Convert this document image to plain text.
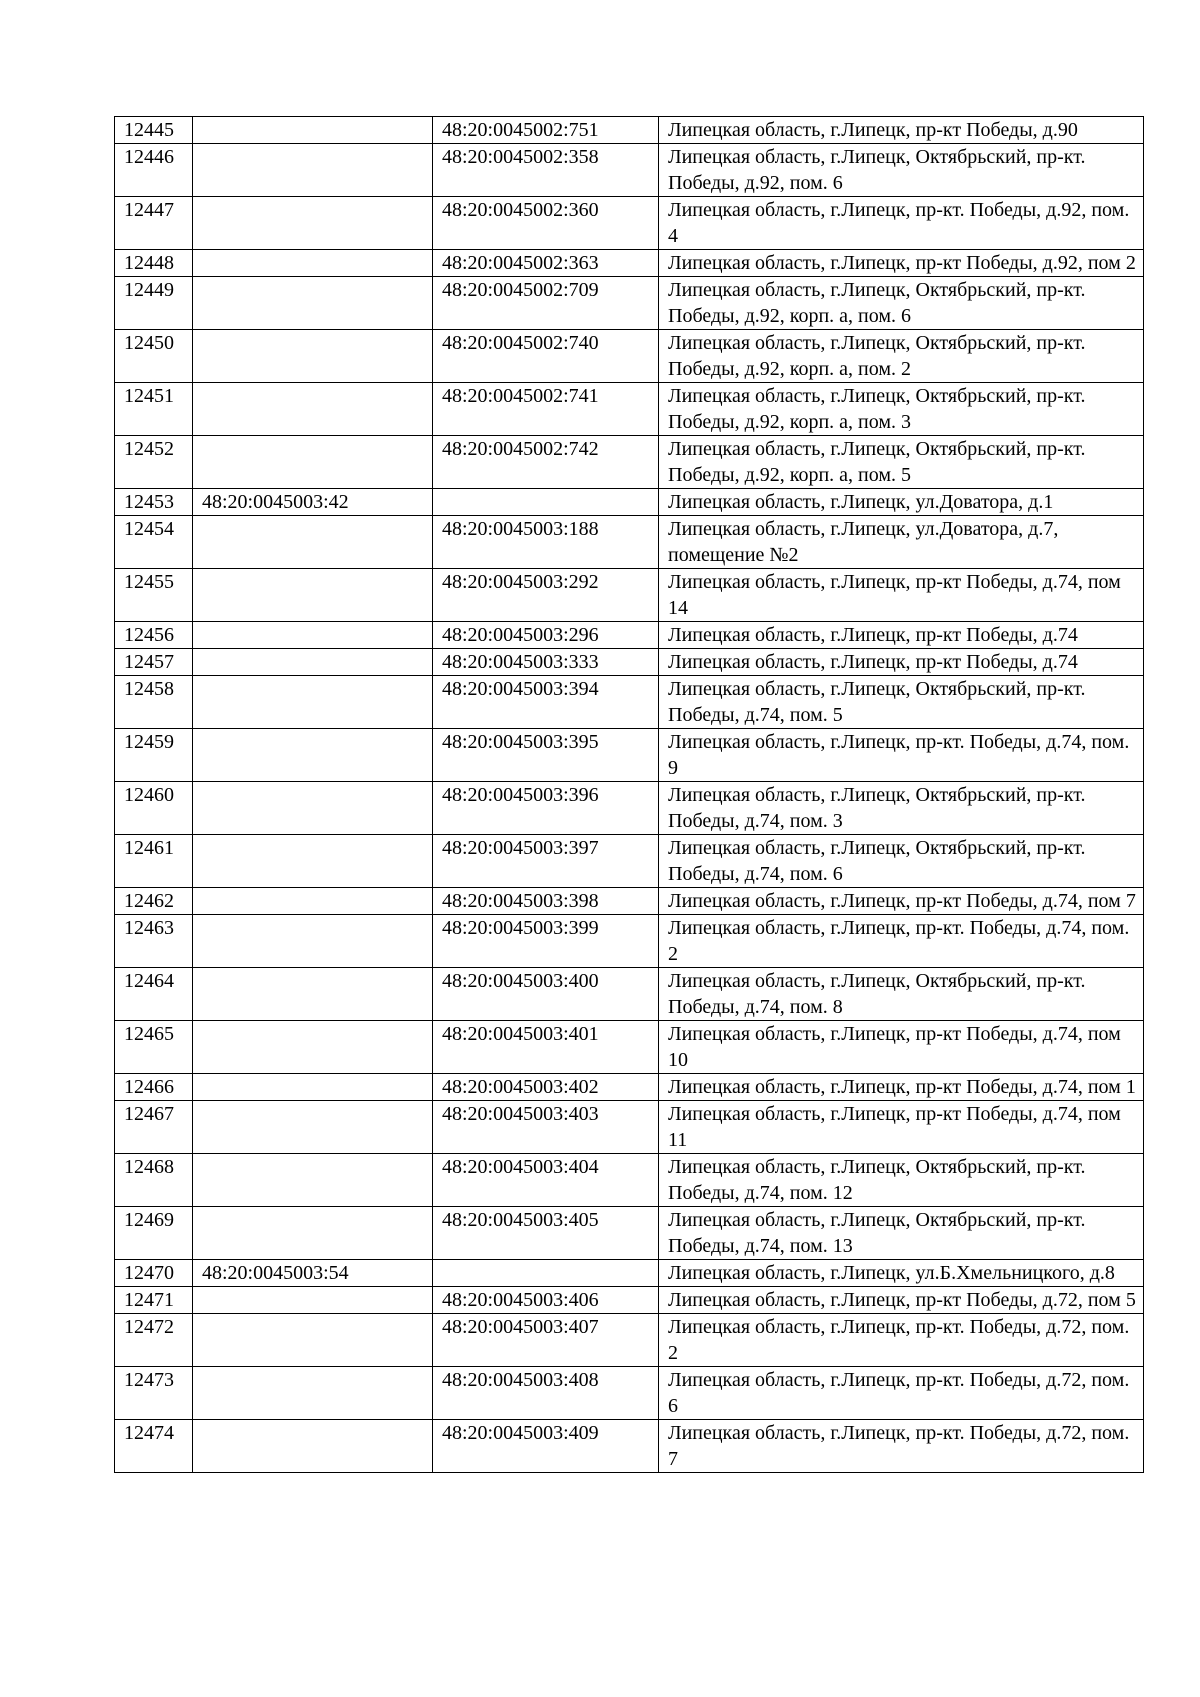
12445		48:20:0045002:751	Липецкая область, г.Липецк, пр-кт Победы, д.90
12446		48:20:0045002:358	Липецкая область, г.Липецк, Октябрьский, пр-кт. Победы, д.92, пом. 6
12447		48:20:0045002:360	Липецкая область, г.Липецк, пр-кт. Победы, д.92, пом. 4
12448		48:20:0045002:363	Липецкая область, г.Липецк, пр-кт Победы, д.92, пом 2
12449		48:20:0045002:709	Липецкая область, г.Липецк, Октябрьский, пр-кт. Победы, д.92, корп. а, пом. 6
12450		48:20:0045002:740	Липецкая область, г.Липецк, Октябрьский, пр-кт. Победы, д.92, корп. а, пом. 2
12451		48:20:0045002:741	Липецкая область, г.Липецк, Октябрьский, пр-кт. Победы, д.92, корп. а, пом. 3
12452		48:20:0045002:742	Липецкая область, г.Липецк, Октябрьский, пр-кт. Победы, д.92, корп. а, пом. 5
12453	48:20:0045003:42		Липецкая область, г.Липецк, ул.Доватора, д.1
12454		48:20:0045003:188	Липецкая область, г.Липецк, ул.Доватора, д.7, помещение №2
12455		48:20:0045003:292	Липецкая область, г.Липецк, пр-кт Победы, д.74, пом 14
12456		48:20:0045003:296	Липецкая область, г.Липецк, пр-кт Победы, д.74
12457		48:20:0045003:333	Липецкая область, г.Липецк, пр-кт Победы, д.74
12458		48:20:0045003:394	Липецкая область, г.Липецк, Октябрьский, пр-кт. Победы, д.74, пом. 5
12459		48:20:0045003:395	Липецкая область, г.Липецк, пр-кт. Победы, д.74, пом. 9
12460		48:20:0045003:396	Липецкая область, г.Липецк, Октябрьский, пр-кт. Победы, д.74, пом. 3
12461		48:20:0045003:397	Липецкая область, г.Липецк, Октябрьский, пр-кт. Победы, д.74, пом. 6
12462		48:20:0045003:398	Липецкая область, г.Липецк, пр-кт Победы, д.74, пом 7
12463		48:20:0045003:399	Липецкая область, г.Липецк, пр-кт. Победы, д.74, пом. 2
12464		48:20:0045003:400	Липецкая область, г.Липецк, Октябрьский, пр-кт. Победы, д.74, пом. 8
12465		48:20:0045003:401	Липецкая область, г.Липецк, пр-кт Победы, д.74, пом 10
12466		48:20:0045003:402	Липецкая область, г.Липецк, пр-кт Победы, д.74, пом 1
12467		48:20:0045003:403	Липецкая область, г.Липецк, пр-кт Победы, д.74, пом 11
12468		48:20:0045003:404	Липецкая область, г.Липецк, Октябрьский, пр-кт. Победы, д.74, пом. 12
12469		48:20:0045003:405	Липецкая область, г.Липецк, Октябрьский, пр-кт. Победы, д.74, пом. 13
12470	48:20:0045003:54		Липецкая область, г.Липецк, ул.Б.Хмельницкого, д.8
12471		48:20:0045003:406	Липецкая область, г.Липецк, пр-кт Победы, д.72, пом 5
12472		48:20:0045003:407	Липецкая область, г.Липецк, пр-кт. Победы, д.72, пом. 2
12473		48:20:0045003:408	Липецкая область, г.Липецк, пр-кт. Победы, д.72, пом. 6
12474		48:20:0045003:409	Липецкая область, г.Липецк, пр-кт. Победы, д.72, пом. 7
